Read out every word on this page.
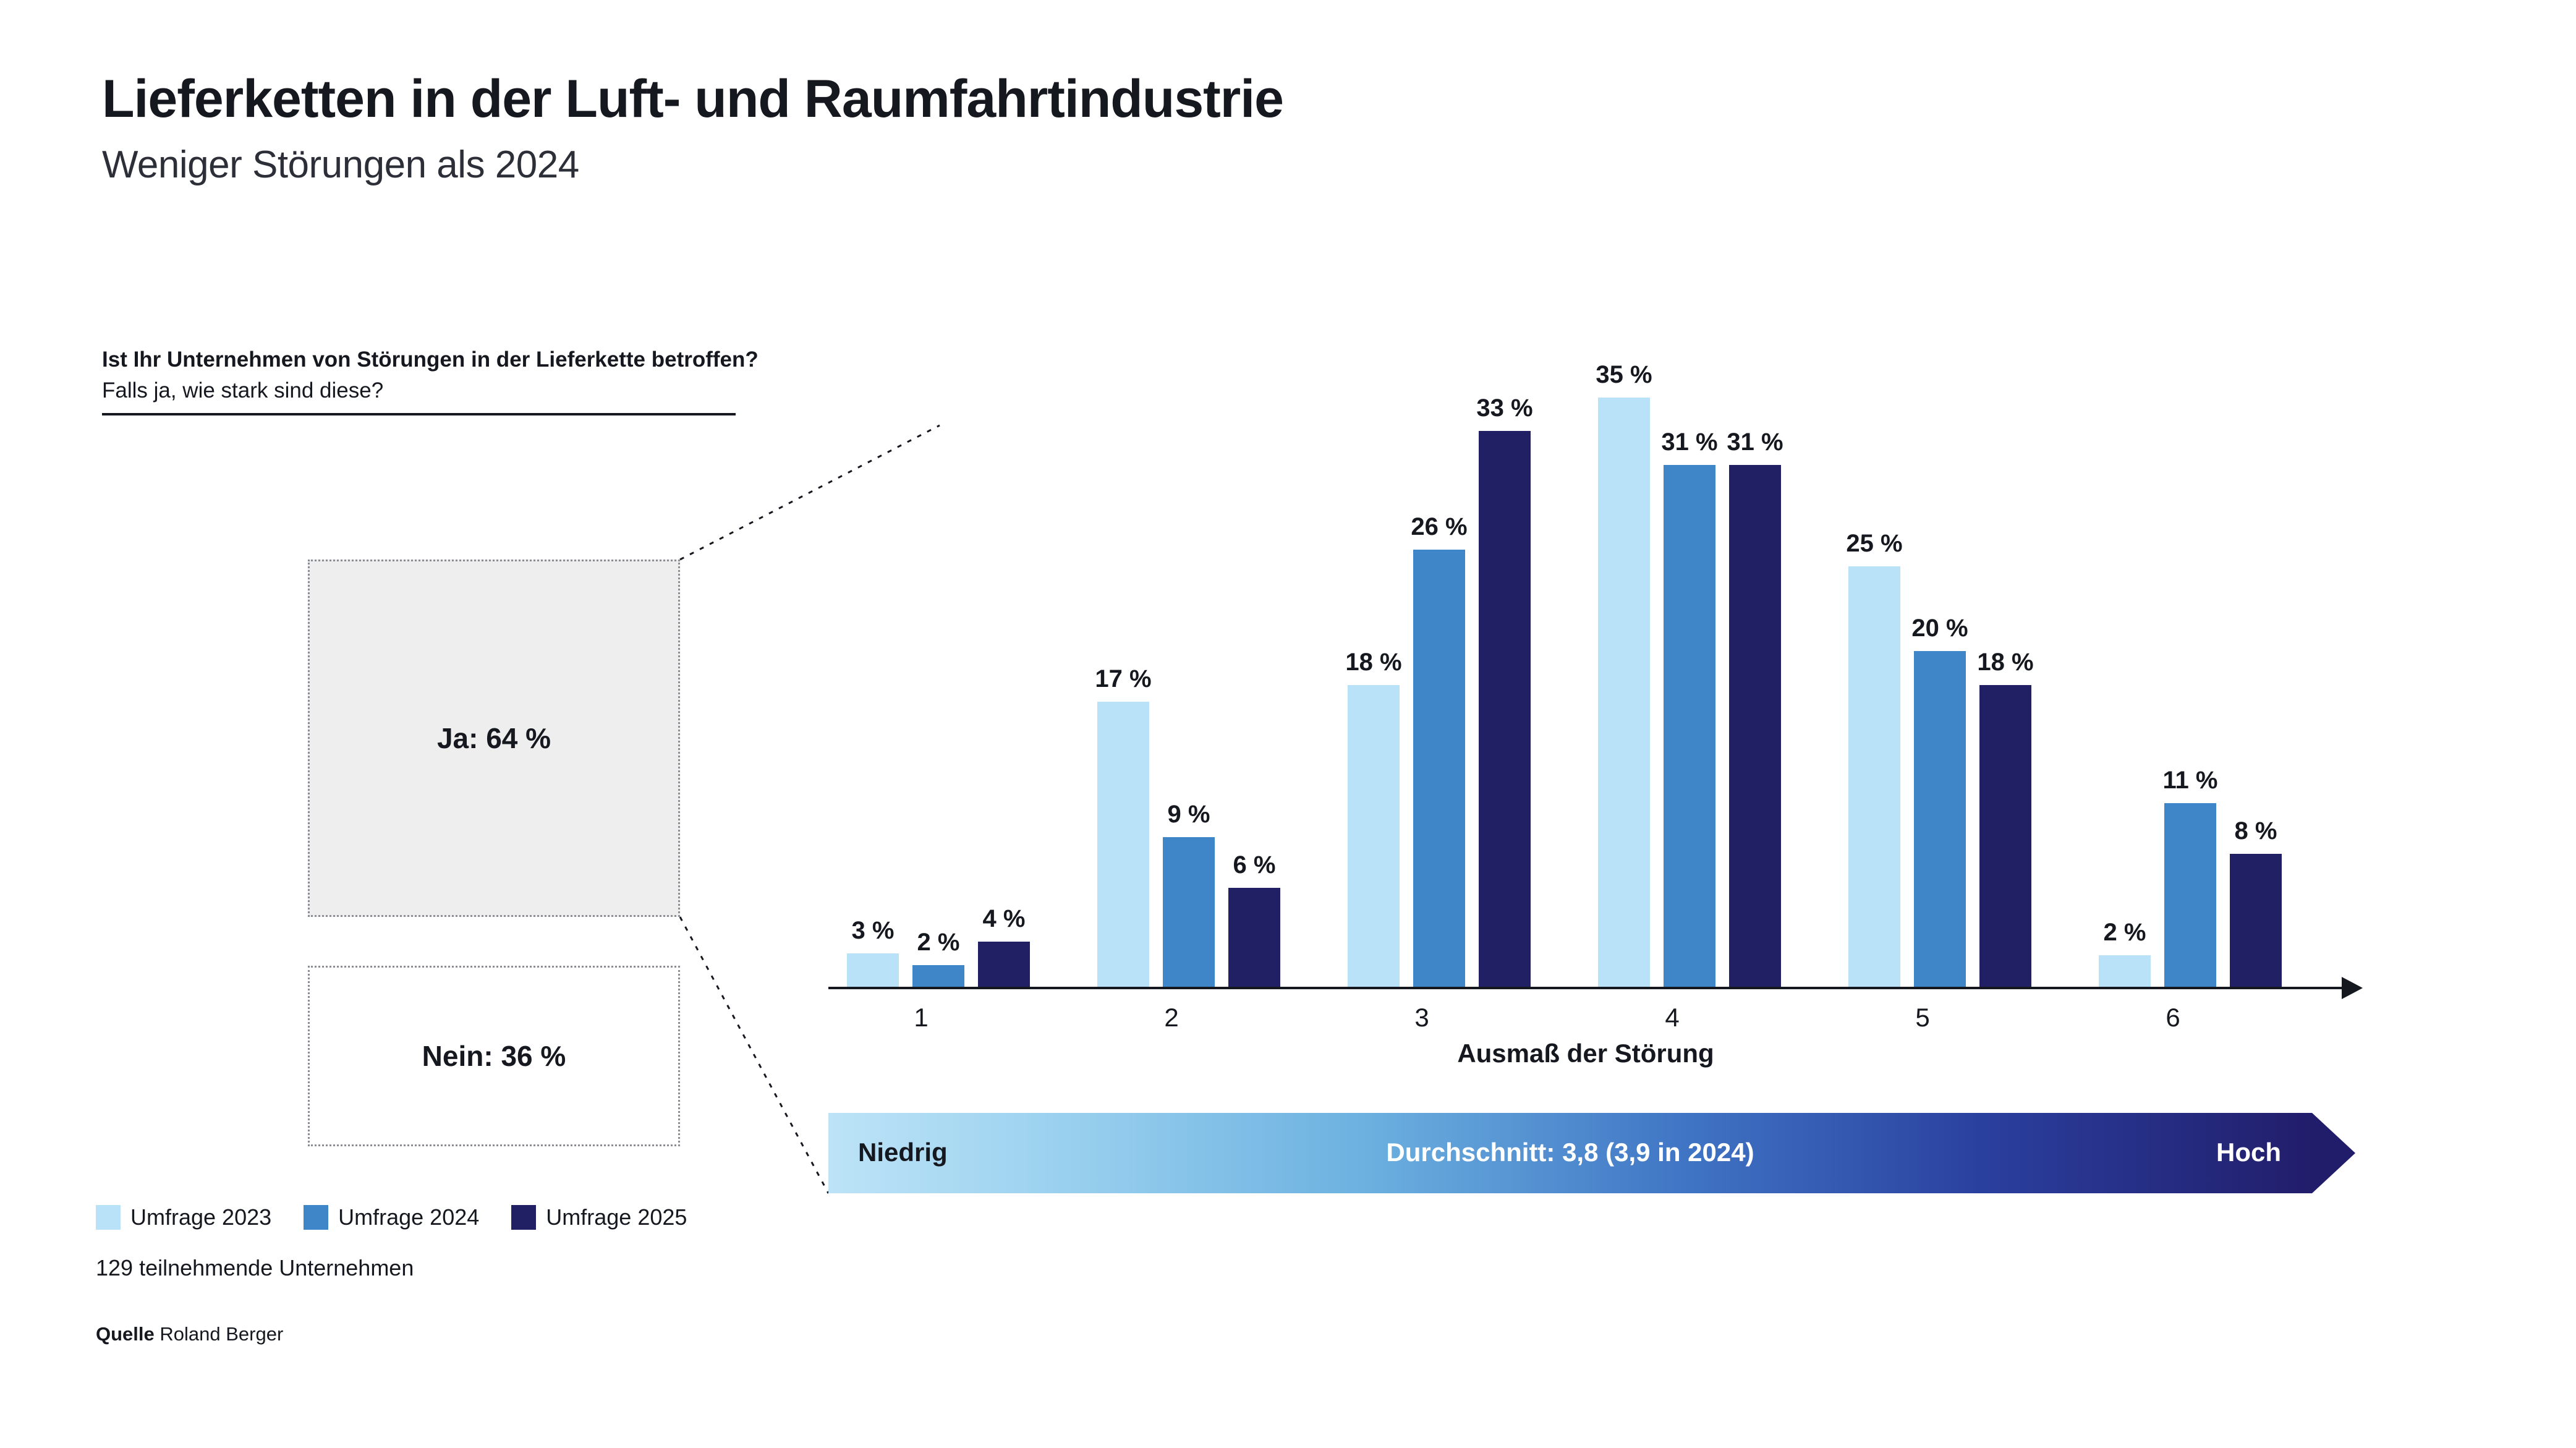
Lieferketten in der Luft- und Raumfahrtindustrie
Weniger Störungen als 2024
Ist Ihr Unternehmen von Störungen in der Lieferkette betroffen?
Falls ja, wie stark sind diese?
Ja: 64 %
Nein: 36 %
3 % 2 %
4 %
17 %
9 %
6 %
18 %
26 %
33 %
35 %
31 % 31 %
25 %
20 %
18 %
2 %
11 %
8 %
1	2	3	4	5	6
Ausmaß der Störung
Niedrig	Durchschnitt: 3,8 (3,9 in 2024)	Hoch
Umfrage 2023	Umfrage 2024	Umfrage 2025
129 teilnehmende Unternehmen
Quelle Roland Berger
